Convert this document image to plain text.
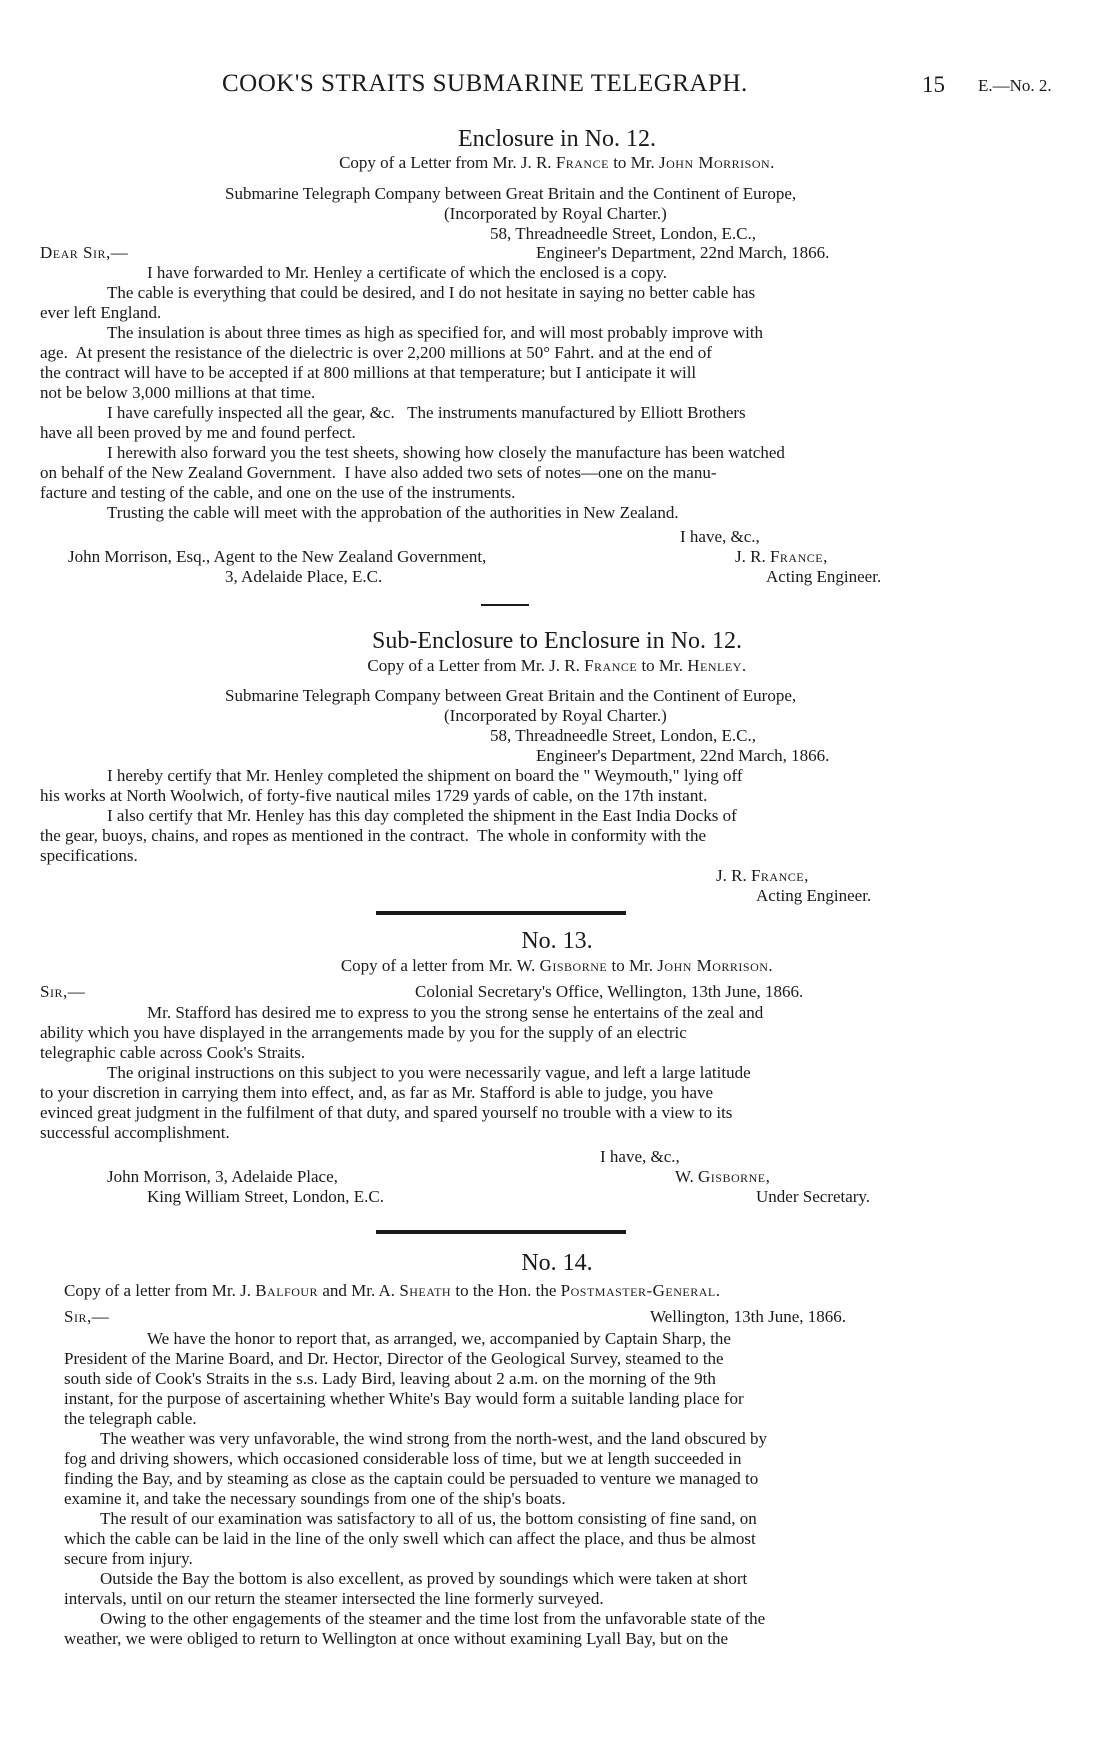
COOK'S STRAITS SUBMARINE TELEGRAPH.	15 E.—No. 2.
Enclosure in No. 12.
Copy of a Letter from Mr. J. R. France to Mr. John Morrison.
Submarine Telegraph Company between Great Britain and the Continent of Europe,
(Incorporated by Royal Charter.)
58, Threadneedle Street, London, E.C.,
Dear Sir,—	Engineer's Department, 22nd March, 1866.
I have forwarded to Mr. Henley a certificate of which the enclosed is a copy.
The cable is everything that could be desired, and I do not hesitate in saying no better cable has
ever left England.
The insulation is about three times as high as specified for, and will most probably improve with
age.  At present the resistance of the dielectric is over 2,200 millions at 50° Fahrt. and at the end of
the contract will have to be accepted if at 800 millions at that temperature; but I anticipate it will
not be below 3,000 millions at that time.
I have carefully inspected all the gear, &c.   The instruments manufactured by Elliott Brothers
have all been proved by me and found perfect.
I herewith also forward you the test sheets, showing how closely the manufacture has been watched
on behalf of the New Zealand Government.  I have also added two sets of notes—one on the manu-
facture and testing of the cable, and one on the use of the instruments.
Trusting the cable will meet with the approbation of the authorities in New Zealand.
I have, &c.,
John Morrison, Esq., Agent to the New Zealand Government,	J. R. France,
3, Adelaide Place, E.C.	Acting Engineer.
Sub-Enclosure to Enclosure in No. 12.
Copy of a Letter from Mr. J. R. France to Mr. Henley.
Submarine Telegraph Company between Great Britain and the Continent of Europe,
(Incorporated by Royal Charter.)
58, Threadneedle Street, London, E.C.,
Engineer's Department, 22nd March, 1866.
I hereby certify that Mr. Henley completed the shipment on board the " Weymouth," lying off
his works at North Woolwich, of forty-five nautical miles 1729 yards of cable, on the 17th instant.
I also certify that Mr. Henley has this day completed the shipment in the East India Docks of
the gear, buoys, chains, and ropes as mentioned in the contract.  The whole in conformity with the
specifications.
J. R. France,
Acting Engineer.
No. 13.
Copy of a letter from Mr. W. Gisborne to Mr. John Morrison.
Sir,—	Colonial Secretary's Office, Wellington, 13th June, 1866.
Mr. Stafford has desired me to express to you the strong sense he entertains of the zeal and
ability which you have displayed in the arrangements made by you for the supply of an electric
telegraphic cable across Cook's Straits.
The original instructions on this subject to you were necessarily vague, and left a large latitude
to your discretion in carrying them into effect, and, as far as Mr. Stafford is able to judge, you have
evinced great judgment in the fulfilment of that duty, and spared yourself no trouble with a view to its
successful accomplishment.
I have, &c.,
John Morrison, 3, Adelaide Place,	W. Gisborne,
King William Street, London, E.C.	Under Secretary.
No. 14.
Copy of a letter from Mr. J. Balfour and Mr. A. Sheath to the Hon. the Postmaster-General.
Sir,—	Wellington, 13th June, 1866.
We have the honor to report that, as arranged, we, accompanied by Captain Sharp, the
President of the Marine Board, and Dr. Hector, Director of the Geological Survey, steamed to the
south side of Cook's Straits in the s.s. Lady Bird, leaving about 2 a.m. on the morning of the 9th
instant, for the purpose of ascertaining whether White's Bay would form a suitable landing place for
the telegraph cable.
The weather was very unfavorable, the wind strong from the north-west, and the land obscured by
fog and driving showers, which occasioned considerable loss of time, but we at length succeeded in
finding the Bay, and by steaming as close as the captain could be persuaded to venture we managed to
examine it, and take the necessary soundings from one of the ship's boats.
The result of our examination was satisfactory to all of us, the bottom consisting of fine sand, on
which the cable can be laid in the line of the only swell which can affect the place, and thus be almost
secure from injury.
Outside the Bay the bottom is also excellent, as proved by soundings which were taken at short
intervals, until on our return the steamer intersected the line formerly surveyed.
Owing to the other engagements of the steamer and the time lost from the unfavorable state of the
weather, we were obliged to return to Wellington at once without examining Lyall Bay, but on the
